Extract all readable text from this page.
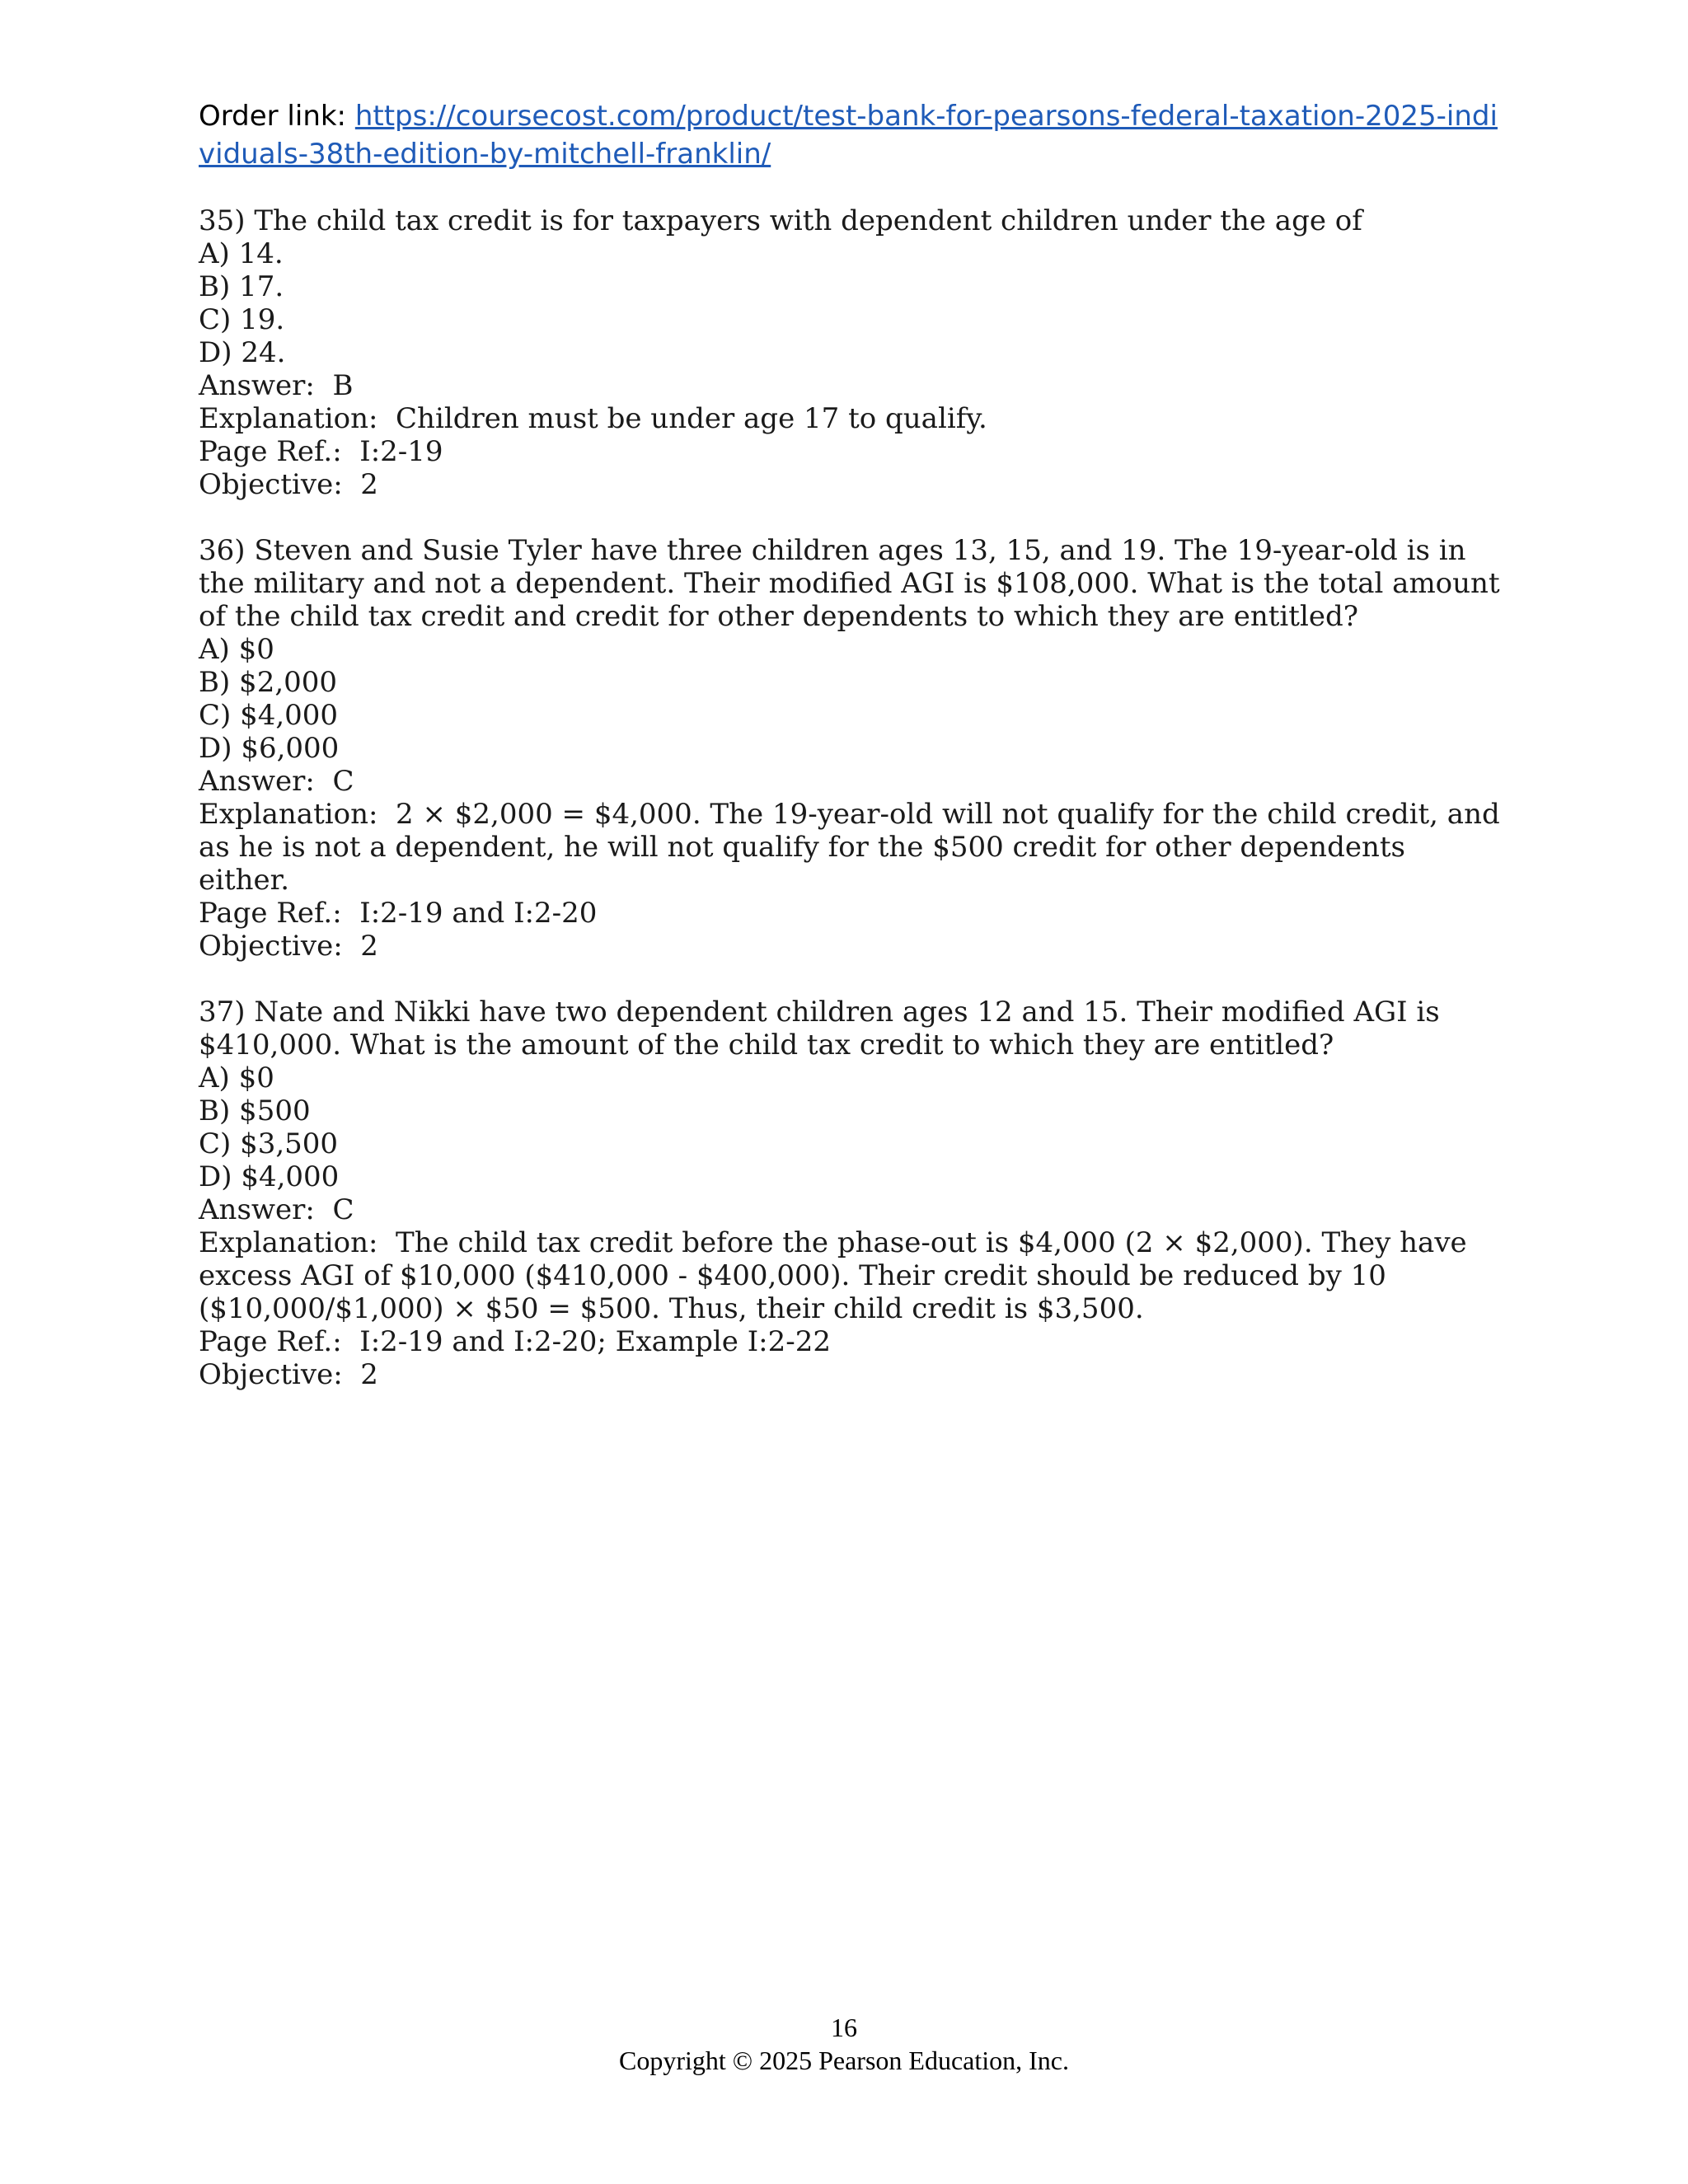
Order link: https://coursecost.com/product/test-bank-for-pearsons-federal-taxation-2025-individuals-38th-edition-by-mitchell-franklin/
35) The child tax credit is for taxpayers with dependent children under the age of
A) 14.
B) 17.
C) 19.
D) 24.
Answer:  B
Explanation:  Children must be under age 17 to qualify.
Page Ref.:  I:2-19
Objective:  2
36) Steven and Susie Tyler have three children ages 13, 15, and 19. The 19-year-old is in the military and not a dependent. Their modified AGI is $108,000. What is the total amount of the child tax credit and credit for other dependents to which they are entitled?
A) $0
B) $2,000
C) $4,000
D) $6,000
Answer:  C
Explanation:  2 × $2,000 = $4,000. The 19-year-old will not qualify for the child credit, and as he is not a dependent, he will not qualify for the $500 credit for other dependents either.
Page Ref.:  I:2-19 and I:2-20
Objective:  2
37) Nate and Nikki have two dependent children ages 12 and 15. Their modified AGI is $410,000. What is the amount of the child tax credit to which they are entitled?
A) $0
B) $500
C) $3,500
D) $4,000
Answer:  C
Explanation:  The child tax credit before the phase-out is $4,000 (2 × $2,000). They have excess AGI of $10,000 ($410,000 - $400,000). Their credit should be reduced by 10 ($10,000/$1,000) × $50 = $500. Thus, their child credit is $3,500.
Page Ref.:  I:2-19 and I:2-20; Example I:2-22
Objective:  2
16
Copyright © 2025 Pearson Education, Inc.
